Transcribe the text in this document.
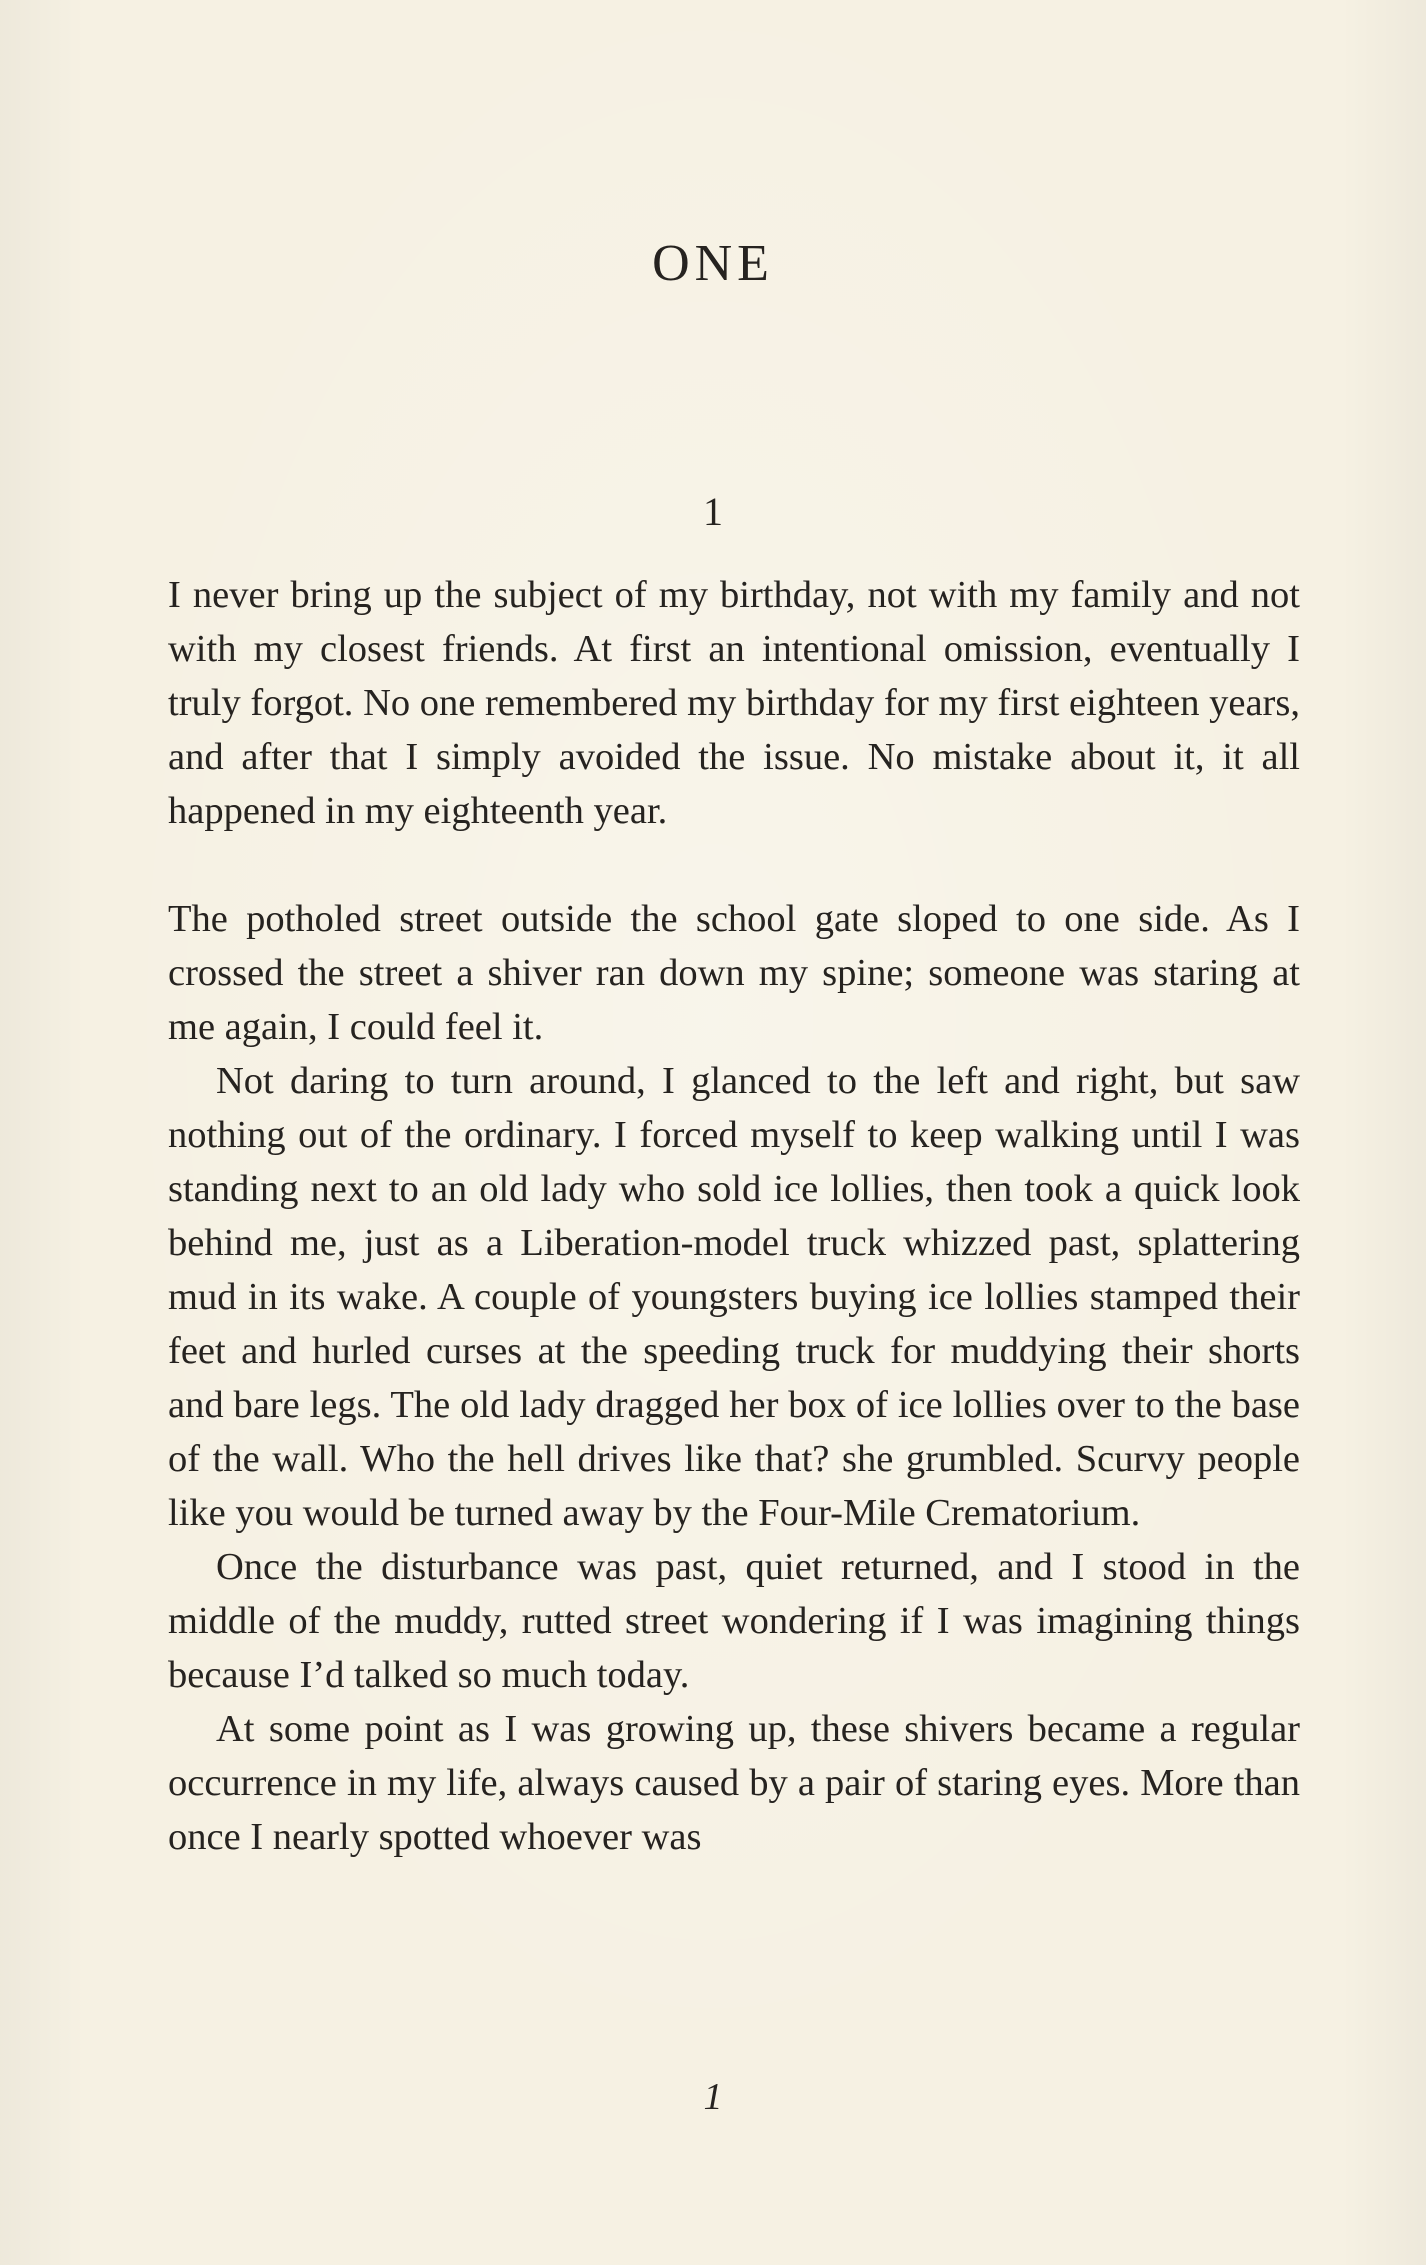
ONE
1

I never bring up the subject of my birthday, not with my family and not with my closest friends. At first an intentional omission, eventually I truly forgot. No one remembered my birthday for my first eighteen years, and after that I simply avoided the issue. No mistake about it, it all happened in my eighteenth year.

The potholed street outside the school gate sloped to one side. As I crossed the street a shiver ran down my spine; someone was staring at me again, I could feel it.

Not daring to turn around, I glanced to the left and right, but saw nothing out of the ordinary. I forced myself to keep walking until I was standing next to an old lady who sold ice lollies, then took a quick look behind me, just as a Liberation-model truck whizzed past, splattering mud in its wake. A couple of youngsters buying ice lollies stamped their feet and hurled curses at the speeding truck for muddying their shorts and bare legs. The old lady dragged her box of ice lollies over to the base of the wall. Who the hell drives like that? she grumbled. Scurvy people like you would be turned away by the Four-Mile Crematorium.

Once the disturbance was past, quiet returned, and I stood in the middle of the muddy, rutted street wondering if I was imagining things because I’d talked so much today.

At some point as I was growing up, these shivers became a regular occurrence in my life, always caused by a pair of staring eyes. More than once I nearly spotted whoever was

1
